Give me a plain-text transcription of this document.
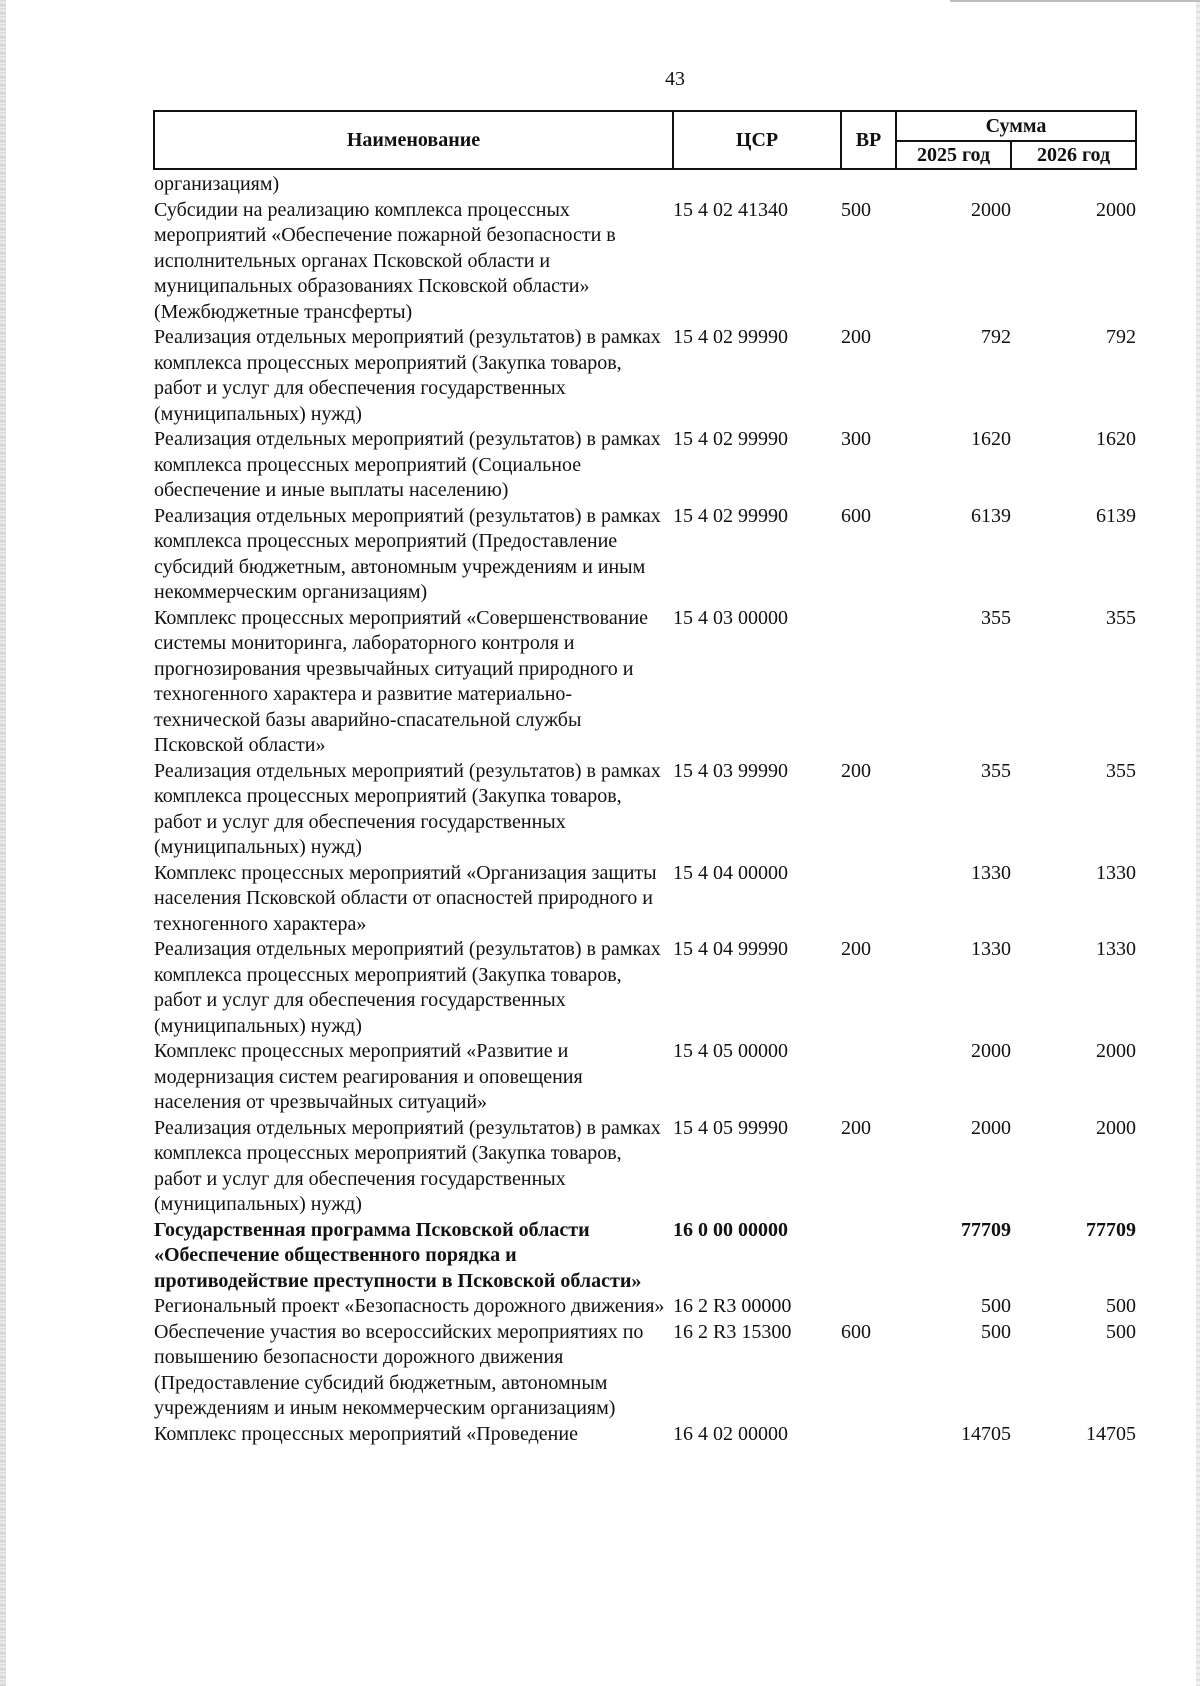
43
Наименование	ЦСР	ВР	Сумма	
			2025 год	2026 год
организациям)				
Субсидии на реализацию комплекса процессных мероприятий «Обеспечение пожарной безопасности в исполнительных органах Псковской области и муниципальных образованиях Псковской области» (Межбюджетные трансферты)	15 4 02 41340	500	2000	2000
Реализация отдельных мероприятий (результатов) в рамках комплекса процессных мероприятий (Закупка товаров, работ и услуг для обеспечения государственных (муниципальных) нужд)	15 4 02 99990	200	792	792
Реализация отдельных мероприятий (результатов) в рамках комплекса процессных мероприятий (Социальное обеспечение и иные выплаты населению)	15 4 02 99990	300	1620	1620
Реализация отдельных мероприятий (результатов) в рамках комплекса процессных мероприятий (Предоставление субсидий бюджетным, автономным учреждениям и иным некоммерческим организациям)	15 4 02 99990	600	6139	6139
Комплекс процессных мероприятий «Совершенствование системы мониторинга, лабораторного контроля и прогнозирования чрезвычайных ситуаций природного и техногенного характера и развитие материально-технической базы аварийно-спасательной службы Псковской области»	15 4 03 00000		355	355
Реализация отдельных мероприятий (результатов) в рамках комплекса процессных мероприятий (Закупка товаров, работ и услуг для обеспечения государственных (муниципальных) нужд)	15 4 03 99990	200	355	355
Комплекс процессных мероприятий «Организация защиты населения Псковской области от опасностей природного и техногенного характера»	15 4 04 00000		1330	1330
Реализация отдельных мероприятий (результатов) в рамках комплекса процессных мероприятий (Закупка товаров, работ и услуг для обеспечения государственных (муниципальных) нужд)	15 4 04 99990	200	1330	1330
Комплекс процессных мероприятий «Развитие и модернизация систем реагирования и оповещения населения от чрезвычайных ситуаций»	15 4 05 00000		2000	2000
Реализация отдельных мероприятий (результатов) в рамках комплекса процессных мероприятий (Закупка товаров, работ и услуг для обеспечения государственных (муниципальных) нужд)	15 4 05 99990	200	2000	2000
Государственная программа Псковской области «Обеспечение общественного порядка и противодействие преступности в Псковской области»	16 0 00 00000		77709	77709
Региональный проект «Безопасность дорожного движения»	16 2 R3 00000		500	500
Обеспечение участия во всероссийских мероприятиях по повышению безопасности дорожного движения (Предоставление субсидий бюджетным, автономным учреждениям и иным некоммерческим организациям)	16 2 R3 15300	600	500	500
Комплекс процессных мероприятий «Проведение	16 4 02 00000		14705	14705
